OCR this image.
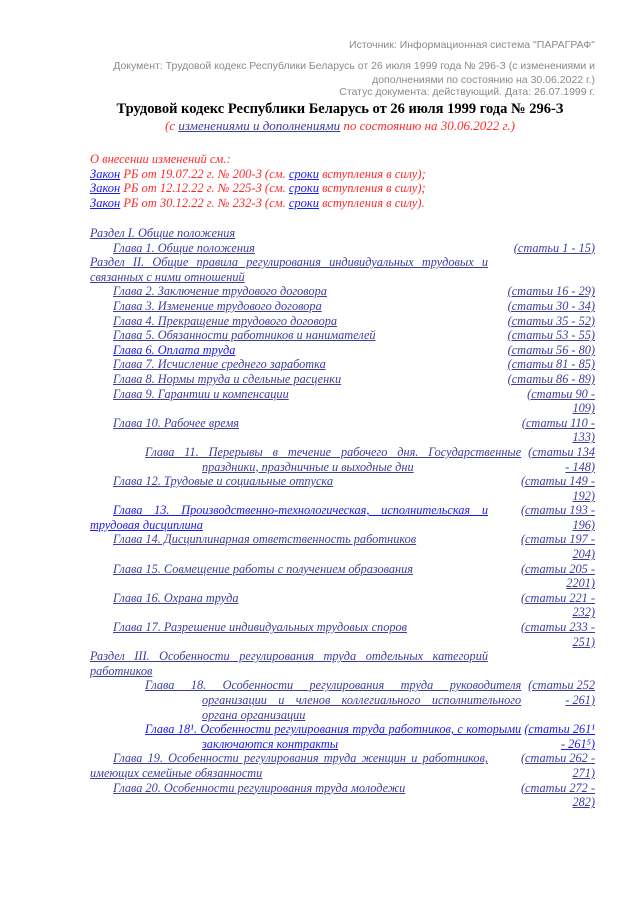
Источник: Информационная система "ПАРАГРАФ"
Документ: Трудовой кодекс Республики Беларусь от 26 июля 1999 года № 296-З (с изменениями и
дополнениями по состоянию на 30.06.2022 г.)
Статус документа: действующий. Дата: 26.07.1999 г.
Трудовой кодекс Республики Беларусь от 26 июля 1999 года № 296-З
(с изменениями и дополнениями по состоянию на 30.06.2022 г.)
О внесении изменений см.:
Закон РБ от 19.07.22 г. № 200-З (см. сроки вступления в силу);
Закон РБ от 12.12.22 г. № 225-З (см. сроки вступления в силу);
Закон РБ от 30.12.22 г. № 232-З (см. сроки вступления в силу).
Раздел I. Общие положения
Глава 1. Общие положения	(статьи 1 - 15)
Раздел II. Общие правила регулирования индивидуальных трудовых и связанных с ними отношений
Глава 2. Заключение трудового договора	(статьи 16 - 29)
Глава 3. Изменение трудового договора	(статьи 30 - 34)
Глава 4. Прекращение трудового договора	(статьи 35 - 52)
Глава 5. Обязанности работников и нанимателей	(статьи 53 - 55)
Глава 6. Оплата труда	(статьи 56 - 80)
Глава 7. Исчисление среднего заработка	(статьи 81 - 85)
Глава 8. Нормы труда и сдельные расценки	(статьи 86 - 89)
Глава 9. Гарантии и компенсации	(статьи 90 - 109)
Глава 10. Рабочее время	(статьи 110 - 133)
Глава 11. Перерывы в течение рабочего дня. Государственные праздники, праздничные и выходные дни
(статьи 134 - 148)
Глава 12. Трудовые и социальные отпуска	(статьи 149 - 192)
Глава 13. Производственно-технологическая, исполнительская и трудовая дисциплина
(статьи 193 - 196)
Глава 14. Дисциплинарная ответственность работников	(статьи 197 - 204)
Глава 15. Совмещение работы с получением образования	(статьи 205 - 2201)
Глава 16. Охрана труда	(статьи 221 - 232)
Глава 17. Разрешение индивидуальных трудовых споров	(статьи 233 - 251)
Раздел III. Особенности регулирования труда отдельных категорий работников
Глава 18. Особенности регулирования труда руководителя организации и членов коллегиального исполнительного органа организации
(статьи 252 - 261)
Глава 18¹. Особенности регулирования труда работников, с которыми заключаются контракты
(статьи 261¹ - 261⁵)
Глава 19. Особенности регулирования труда женщин и работников, имеющих семейные обязанности
(статьи 262 - 271)
Глава 20. Особенности регулирования труда молодежи	(статьи 272 - 282)
